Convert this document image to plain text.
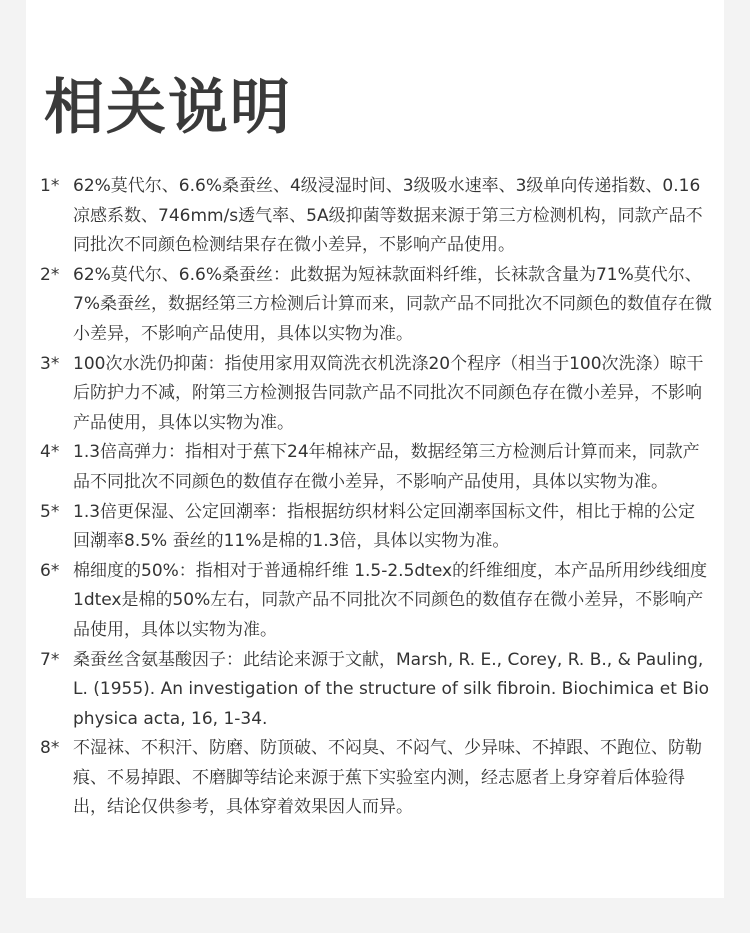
相关说明
1* 62%莫代尔、6.6%桑蚕丝、4级浸湿时间、3级吸水速率、3级单向传递指数、0.16凉感系数、746mm/s透气率、5A级抑菌等数据来源于第三方检测机构，同款产品不同批次不同颜色检测结果存在微小差异，不影响产品使用。
2* 62%莫代尔、6.6%桑蚕丝：此数据为短袜款面料纤维，长袜款含量为71%莫代尔、7%桑蚕丝，数据经第三方检测后计算而来，同款产品不同批次不同颜色的数值存在微小差异，不影响产品使用，具体以实物为准。
3* 100次水洗仍抑菌：指使用家用双筒洗衣机洗涤20个程序（相当于100次洗涤）晾干后防护力不减，附第三方检测报告同款产品不同批次不同颜色存在微小差异，不影响产品使用，具体以实物为准。
4* 1.3倍高弹力：指相对于蕉下24年棉袜产品，数据经第三方检测后计算而来，同款产品不同批次不同颜色的数值存在微小差异，不影响产品使用，具体以实物为准。
5* 1.3倍更保湿、公定回潮率：指根据纺织材料公定回潮率国标文件，相比于棉的公定回潮率8.5% 蚕丝的11%是棉的1.3倍，具体以实物为准。
6* 棉细度的50%：指相对于普通棉纤维 1.5-2.5dtex的纤维细度，本产品所用纱线细度1dtex是棉的50%左右，同款产品不同批次不同颜色的数值存在微小差异，不影响产品使用，具体以实物为准。
7* 桑蚕丝含氨基酸因子：此结论来源于文献，Marsh, R. E., Corey, R. B., & Pauling, L. (1955). An investigation of the structure of silk fibroin. Biochimica et Biophysica acta, 16, 1-34.
8* 不湿袜、不积汗、防磨、防顶破、不闷臭、不闷气、少异味、不掉跟、不跑位、防勒痕、不易掉跟、不磨脚等结论来源于蕉下实验室内测，经志愿者上身穿着后体验得出，结论仅供参考，具体穿着效果因人而异。
